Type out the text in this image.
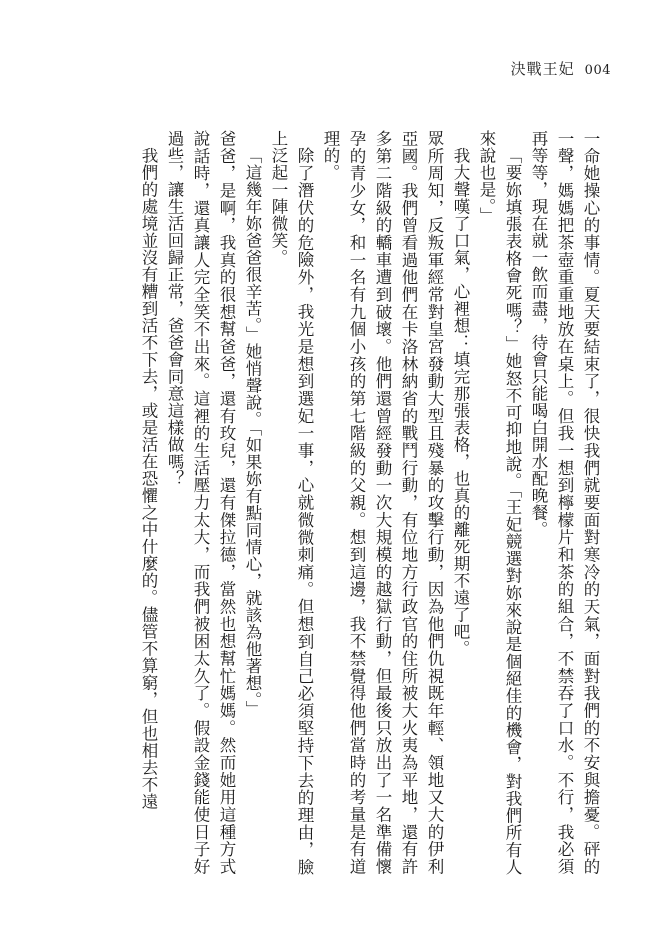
決戰王妃 004

一命她操心的事情。夏天要結束了，很快我們就要面對寒冷的天氣，面對我們的不安與擔憂。砰的一聲，媽媽把茶壺重重地放在桌上。但我一想到檸檬片和茶的組合，不禁吞了口水。不行，我必須再等等，現在就一飲而盡，待會只能喝白開水配晚餐。

「要妳填張表格會死嗎？」她怒不可抑地說。「王妃競選對妳來說是個絕佳的機會，對我們所有人來說也是。」

我大聲嘆了口氣，心裡想：填完那張表格，也真的離死期不遠了吧。

眾所周知，反叛軍經常對皇宮發動大型且殘暴的攻擊行動，因為他們仇視既年輕、領地又大的伊利亞國。我們曾看過他們在卡洛林納省的戰鬥行動，有位地方行政官的住所被大火夷為平地，還有許多第二階級的轎車遭到破壞。他們還曾經發動一次大規模的越獄行動，但最後只放出了一名準備懷孕的青少女，和一名有九個小孩的第七階級的父親。想到這邊，我不禁覺得他們當時的考量是有道理的。

除了潛伏的危險外，我光是想到選妃一事，心就微微刺痛。但想到自己必須堅持下去的理由，臉上泛起一陣微笑。

「這幾年妳爸爸很辛苦。」她悄聲說。「如果妳有點同情心，就該為他著想。」

爸爸，是啊，我真的很想幫爸爸，還有玫兒，還有傑拉德，當然也想幫忙媽媽。然而她用這種方式說話時，還真讓人完全笑不出來。這裡的生活壓力太大，而我們被困太久了。假設金錢能使日子好過些，讓生活回歸正常，爸爸會同意這樣做嗎？

我們的處境並沒有糟到活不下去，或是活在恐懼之中什麼的。儘管不算窮，但也相去不遠
